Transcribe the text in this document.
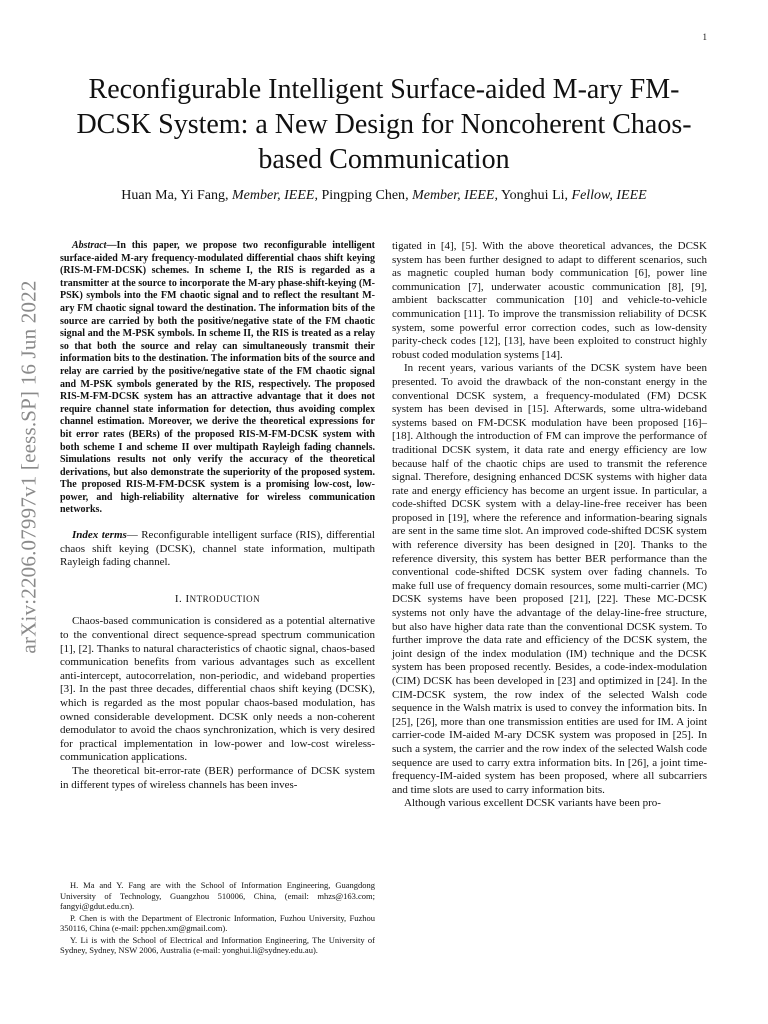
1
Reconfigurable Intelligent Surface-aided M-ary FM-DCSK System: a New Design for Noncoherent Chaos-based Communication
Huan Ma, Yi Fang, Member, IEEE, Pingping Chen, Member, IEEE, Yonghui Li, Fellow, IEEE
arXiv:2206.07997v1 [eess.SP] 16 Jun 2022

Abstract—In this paper, we propose two reconfigurable intelligent surface-aided M-ary frequency-modulated differential chaos shift keying (RIS-M-FM-DCSK) schemes. In scheme I, the RIS is regarded as a transmitter at the source to incorporate the M-ary phase-shift-keying (M-PSK) symbols into the FM chaotic signal and to reflect the resultant M-ary FM chaotic signal toward the destination. The information bits of the source are carried by both the positive/negative state of the FM chaotic signal and the M-PSK symbols. In scheme II, the RIS is treated as a relay so that both the source and relay can simultaneously transmit their information bits to the destination. The information bits of the source and relay are carried by the positive/negative state of the FM chaotic signal and M-PSK symbols generated by the RIS, respectively. The proposed RIS-M-FM-DCSK system has an attractive advantage that it does not require channel state information for detection, thus avoiding complex channel estimation. Moreover, we derive the theoretical expressions for bit error rates (BERs) of the proposed RIS-M-FM-DCSK system with both scheme I and scheme II over multipath Rayleigh fading channels. Simulations results not only verify the accuracy of the theoretical derivations, but also demonstrate the superiority of the proposed system. The proposed RIS-M-FM-DCSK system is a promising low-cost, low-power, and high-reliability alternative for wireless communication networks.

Index terms— Reconfigurable intelligent surface (RIS), differential chaos shift keying (DCSK), channel state information, multipath Rayleigh fading channel.

I. INTRODUCTION

Chaos-based communication is considered as a potential alternative to the conventional direct sequence-spread spectrum communication [1], [2]. Thanks to natural characteristics of chaotic signal, chaos-based communication benefits from various advantages such as excellent anti-intercept, autocorrelation, non-periodic, and wideband properties [3]. In the past three decades, differential chaos shift keying (DCSK), which is regarded as the most popular chaos-based modulation, has owned considerable development. DCSK only needs a non-coherent demodulator to avoid the chaos synchronization, which is very desired for practical implementation in low-power and low-cost wireless-communication applications.

The theoretical bit-error-rate (BER) performance of DCSK system in different types of wireless channels has been inves-

H. Ma and Y. Fang are with the School of Information Engineering, Guangdong University of Technology, Guangzhou 510006, China, (email: mhzs@163.com; fangyi@gdut.edu.cn).

P. Chen is with the Department of Electronic Information, Fuzhou University, Fuzhou 350116, China (e-mail: ppchen.xm@gmail.com).

Y. Li is with the School of Electrical and Information Engineering, The University of Sydney, Sydney, NSW 2006, Australia (e-mail: yonghui.li@sydney.edu.au).

tigated in [4], [5]. With the above theoretical advances, the DCSK system has been further designed to adapt to different scenarios, such as magnetic coupled human body communication [6], power line communication [7], underwater acoustic communication [8], [9], ambient backscatter communication [10] and vehicle-to-vehicle communication [11]. To improve the transmission reliability of DCSK system, some powerful error correction codes, such as low-density parity-check codes [12], [13], have been exploited to construct highly robust coded modulation systems [14].

In recent years, various variants of the DCSK system have been presented. To avoid the drawback of the non-constant energy in the conventional DCSK system, a frequency-modulated (FM) DCSK system has been devised in [15]. Afterwards, some ultra-wideband systems based on FM-DCSK modulation have been proposed [16]–[18]. Although the introduction of FM can improve the performance of traditional DCSK system, it data rate and energy efficiency are low because half of the chaotic chips are used to transmit the reference signal. Therefore, designing enhanced DCSK systems with higher data rate and energy efficiency has become an urgent issue. In particular, a code-shifted DCSK system with a delay-line-free receiver has been proposed in [19], where the reference and information-bearing signals are sent in the same time slot. An improved code-shifted DCSK system with reference diversity has been designed in [20]. Thanks to the reference diversity, this system has better BER performance than the conventional code-shifted DCSK system over fading channels. To make full use of frequency domain resources, some multi-carrier (MC) DCSK systems have been proposed [21], [22]. These MC-DCSK systems not only have the advantage of the delay-line-free structure, but also have higher data rate than the conventional DCSK system. To further improve the data rate and efficiency of the DCSK system, the joint design of the index modulation (IM) technique and the DCSK system has been proposed recently. Besides, a code-index-modulation (CIM) DCSK has been developed in [23] and optimized in [24]. In the CIM-DCSK system, the row index of the selected Walsh code sequence in the Walsh matrix is used to convey the information bits. In [25], [26], more than one transmission entities are used for IM. A joint carrier-code IM-aided M-ary DCSK system was proposed in [25]. In such a system, the carrier and the row index of the selected Walsh code sequence are used to carry extra information bits. In [26], a joint time-frequency-IM-aided system has been proposed, where all subcarriers and time slots are used to carry information bits.

Although various excellent DCSK variants have been pro-
